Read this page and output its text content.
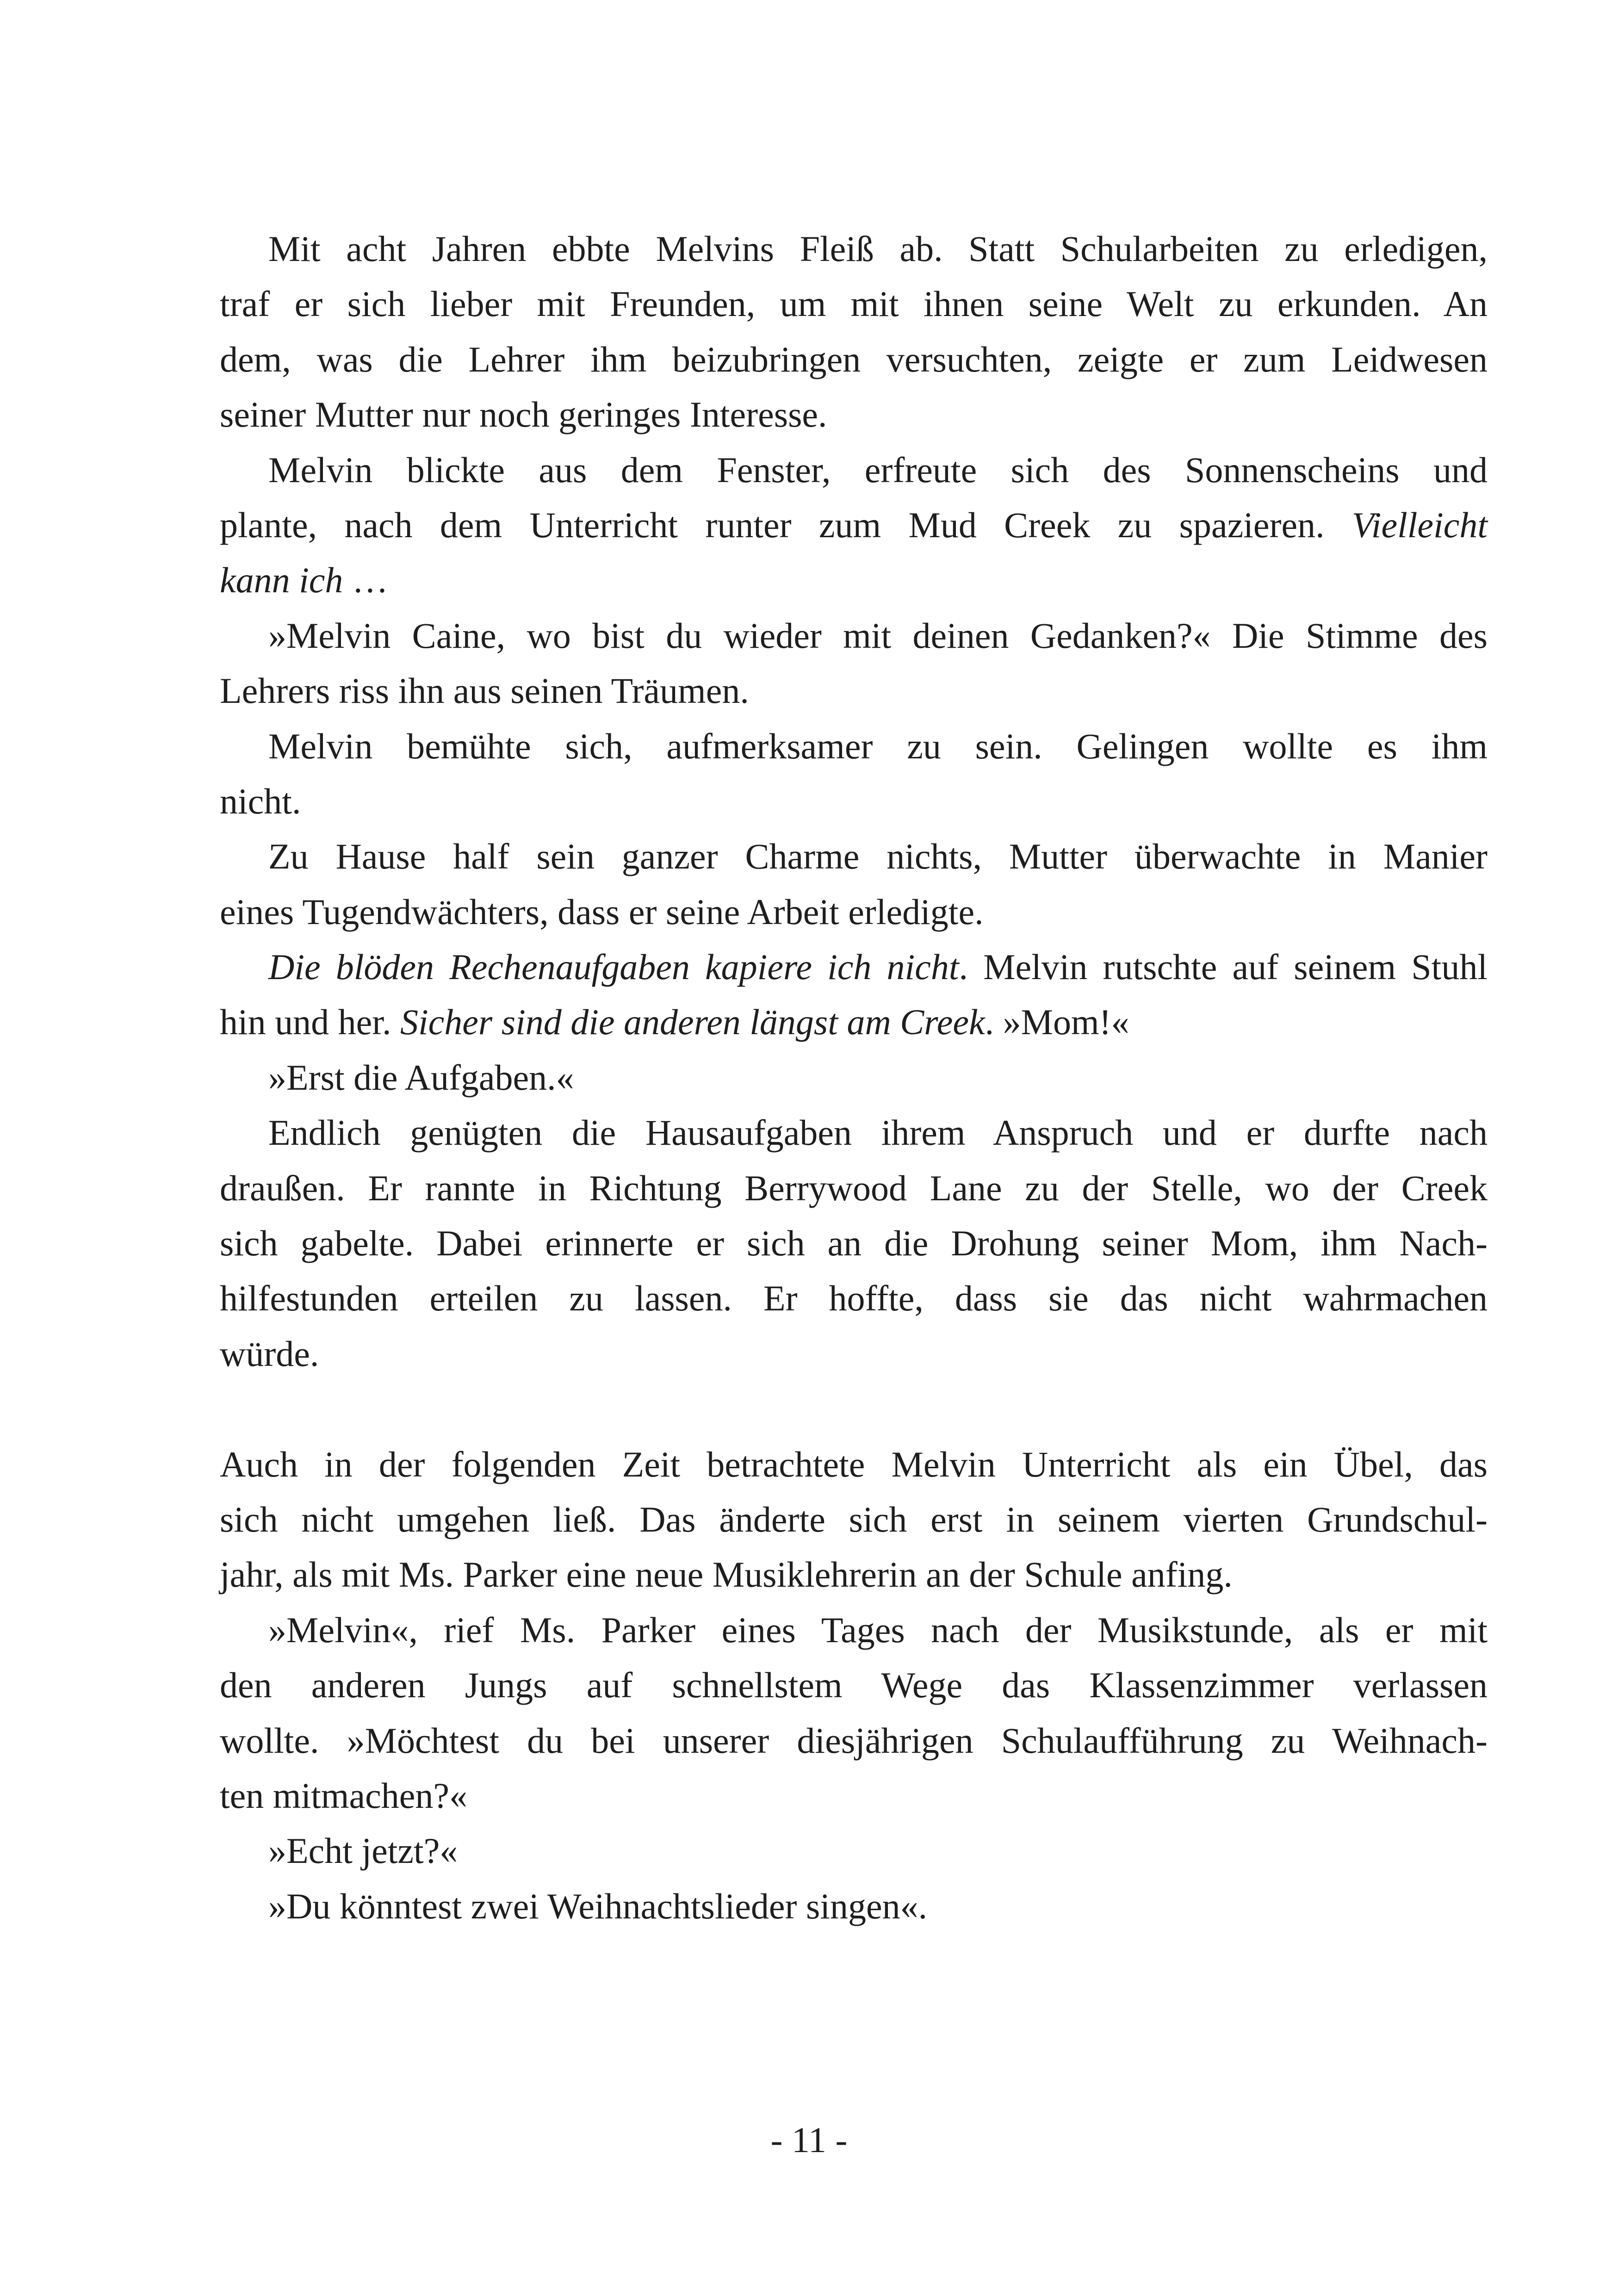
Mit acht Jahren ebbte Melvins Fleiß ab. Statt Schularbeiten zu erledigen,
traf er sich lieber mit Freunden, um mit ihnen seine Welt zu erkunden. An
dem, was die Lehrer ihm beizubringen versuchten, zeigte er zum Leidwesen
seiner Mutter nur noch geringes Interesse.
Melvin blickte aus dem Fenster, erfreute sich des Sonnenscheins und
plante, nach dem Unterricht runter zum Mud Creek zu spazieren. Vielleicht
kann ich …
»Melvin Caine, wo bist du wieder mit deinen Gedanken?« Die Stimme des
Lehrers riss ihn aus seinen Träumen.
Melvin bemühte sich, aufmerksamer zu sein. Gelingen wollte es ihm
nicht.
Zu Hause half sein ganzer Charme nichts, Mutter überwachte in Manier
eines Tugendwächters, dass er seine Arbeit erledigte.
Die blöden Rechenaufgaben kapiere ich nicht. Melvin rutschte auf seinem Stuhl
hin und her. Sicher sind die anderen längst am Creek. »Mom!«
»Erst die Aufgaben.«
Endlich genügten die Hausaufgaben ihrem Anspruch und er durfte nach
draußen. Er rannte in Richtung Berrywood Lane zu der Stelle, wo der Creek
sich gabelte. Dabei erinnerte er sich an die Drohung seiner Mom, ihm Nach-
hilfestunden erteilen zu lassen. Er hoffte, dass sie das nicht wahrmachen
würde.
Auch in der folgenden Zeit betrachtete Melvin Unterricht als ein Übel, das
sich nicht umgehen ließ. Das änderte sich erst in seinem vierten Grundschul-
jahr, als mit Ms. Parker eine neue Musiklehrerin an der Schule anfing.
»Melvin«, rief Ms. Parker eines Tages nach der Musikstunde, als er mit
den anderen Jungs auf schnellstem Wege das Klassenzimmer verlassen
wollte. »Möchtest du bei unserer diesjährigen Schulaufführung zu Weihnach-
ten mitmachen?«
»Echt jetzt?«
»Du könntest zwei Weihnachtslieder singen«.
- 11 -
